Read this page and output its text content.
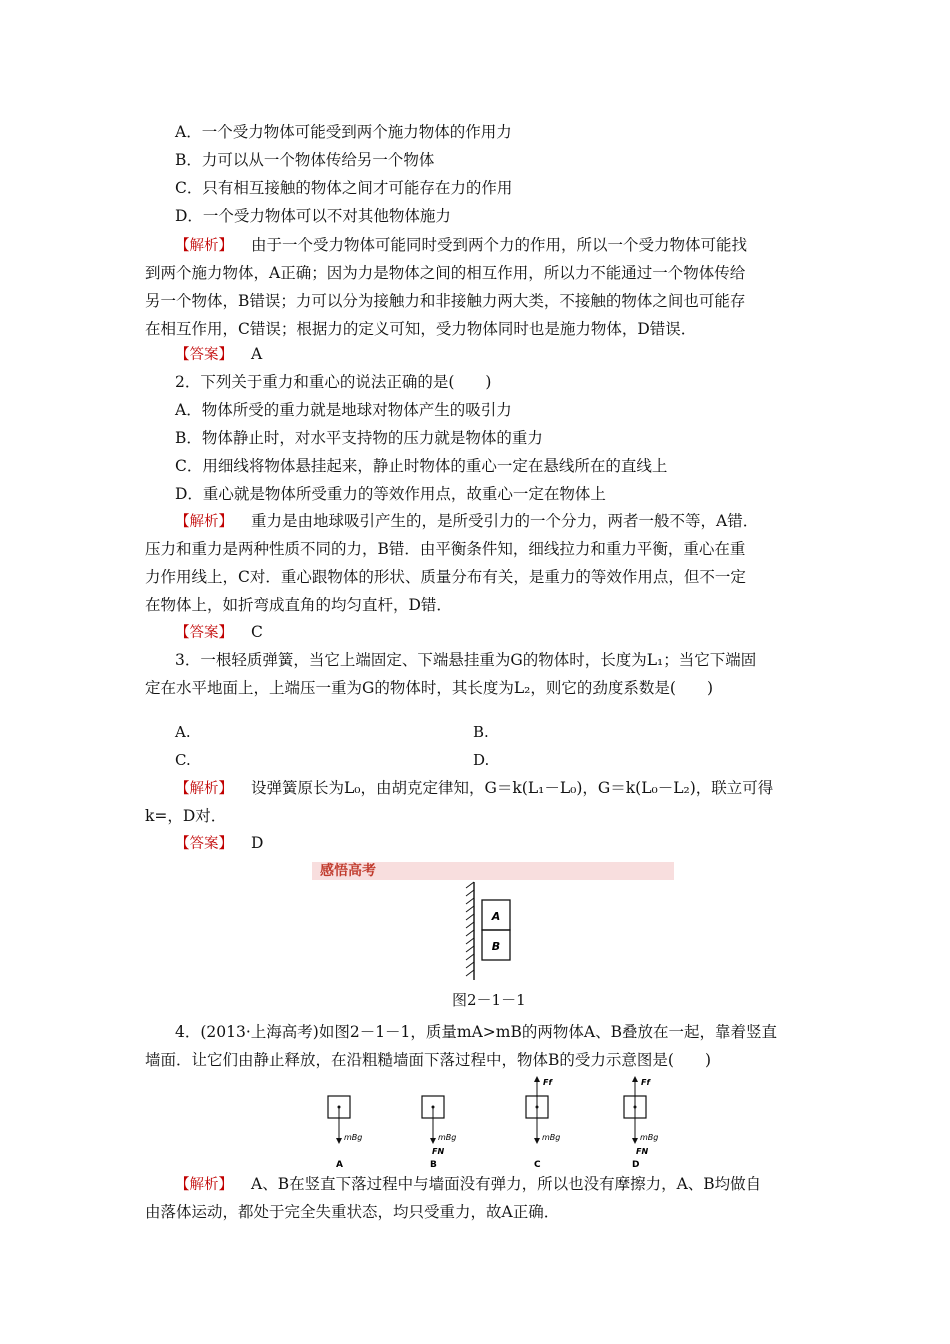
A．一个受力物体可能受到两个施力物体的作用力
B．力可以从一个物体传给另一个物体
C．只有相互接触的物体之间才可能存在力的作用
D．一个受力物体可以不对其他物体施力
【解析】 由于一个受力物体可能同时受到两个力的作用，所以一个受力物体可能找
到两个施力物体，A正确；因为力是物体之间的相互作用，所以力不能通过一个物体传给
另一个物体，B错误；力可以分为接触力和非接触力两大类，不接触的物体之间也可能存
在相互作用，C错误；根据力的定义可知，受力物体同时也是施力物体，D错误．
【答案】 A
2．下列关于重力和重心的说法正确的是(　　)
A．物体所受的重力就是地球对物体产生的吸引力
B．物体静止时，对水平支持物的压力就是物体的重力
C．用细线将物体悬挂起来，静止时物体的重心一定在悬线所在的直线上
D．重心就是物体所受重力的等效作用点，故重心一定在物体上
【解析】 重力是由地球吸引产生的，是所受引力的一个分力，两者一般不等，A错．
压力和重力是两种性质不同的力，B错．由平衡条件知，细线拉力和重力平衡，重心在重
力作用线上，C对．重心跟物体的形状、质量分布有关，是重力的等效作用点，但不一定
在物体上，如折弯成直角的均匀直杆，D错．
【答案】 C
3．一根轻质弹簧，当它上端固定、下端悬挂重为G的物体时，长度为L₁；当它下端固
定在水平地面上，上端压一重为G的物体时，其长度为L₂，则它的劲度系数是(　　)
A.	B.
C.	D.
【解析】 设弹簧原长为L₀，由胡克定律知，G＝k(L₁－L₀)，G＝k(L₀－L₂)，联立可得
k=，D对．
【答案】 D
感悟高考
A
B
图2－1－1
4．(2013·上海高考)如图2－1－1，质量mA>mB的两物体A、B叠放在一起，靠着竖直
墙面．让它们由静止释放，在沿粗糙墙面下落过程中，物体B的受力示意图是(　　)
mBg
A
mBg
FN
B
Ff
mBg
C
Ff
mBg
FN
D
【解析】 A、B在竖直下落过程中与墙面没有弹力，所以也没有摩擦力，A、B均做自
由落体运动，都处于完全失重状态，均只受重力，故A正确．
